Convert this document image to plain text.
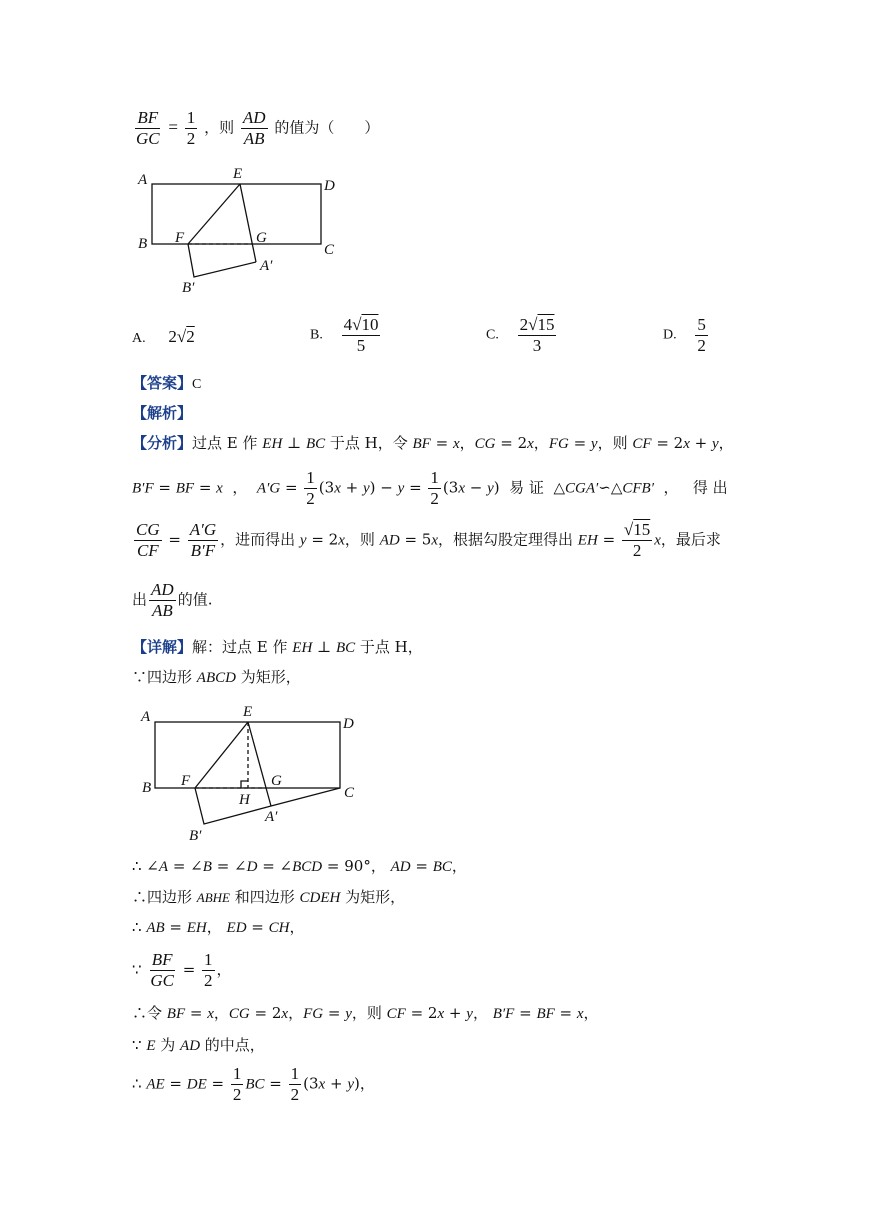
$\frac{BF}{GC} = \frac{1}{2}$ ，则 $\frac{AD}{AB}$ 的值为（　　）
A	E
D
B F	G
C
A′
B′
A. 2√2	B. $\frac{4√10}{5}$	C. $\frac{2√15}{3}$	D. $\frac{5}{2}$
【答案】C
【解析】
【分析】过点 E 作 EH ⊥ BC 于点 H，令 BF = x，CG = 2x，FG = y，则 CF = 2x + y，
B′F = BF = x  ，  $A'G = \frac{1}{2} (3x + y) - y = \frac{1}{2} (3x - y)$  易 证  △CGA′∽△CFB′  ，   得 出
$\frac{CG}{CF} = \frac{A'G}{B'F}$ ，进而得出 y = 2x，则 AD = 5x，根据勾股定理得出 EH = $\frac{√15}{2}$ x，最后求
出 $\frac{AD}{AB}$ 的值.
【详解】解：过点 E 作 EH ⊥ BC 于点 H，
∵四边形 ABCD 为矩形，
A	E
D
B F	G
H	C
A′
B′
∴ ∠A = ∠B = ∠D = ∠BCD = 90°， AD = BC，
∴四边形 ABHE 和四边形 CDEH 为矩形，
∴ AB = EH， ED = CH，
∵ $\frac{BF}{GC} = \frac{1}{2}$ ，
∴令 BF = x，CG = 2x，FG = y，则 CF = 2x + y， B′F = BF = x，
∵ E 为 AD 的中点，
∴ AE = DE = $\frac{1}{2}$ BC = $\frac{1}{2} (3x + y)$，
